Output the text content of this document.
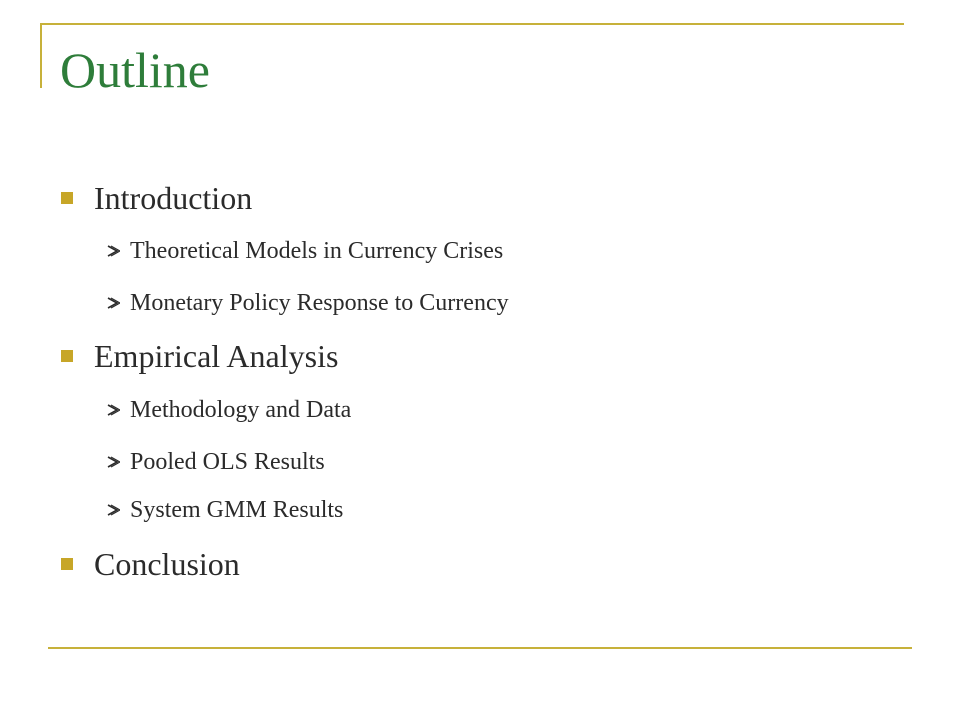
Outline
Introduction
Theoretical Models in Currency Crises
Monetary Policy Response to Currency
Empirical Analysis
Methodology and Data
Pooled OLS Results
System GMM Results
Conclusion
